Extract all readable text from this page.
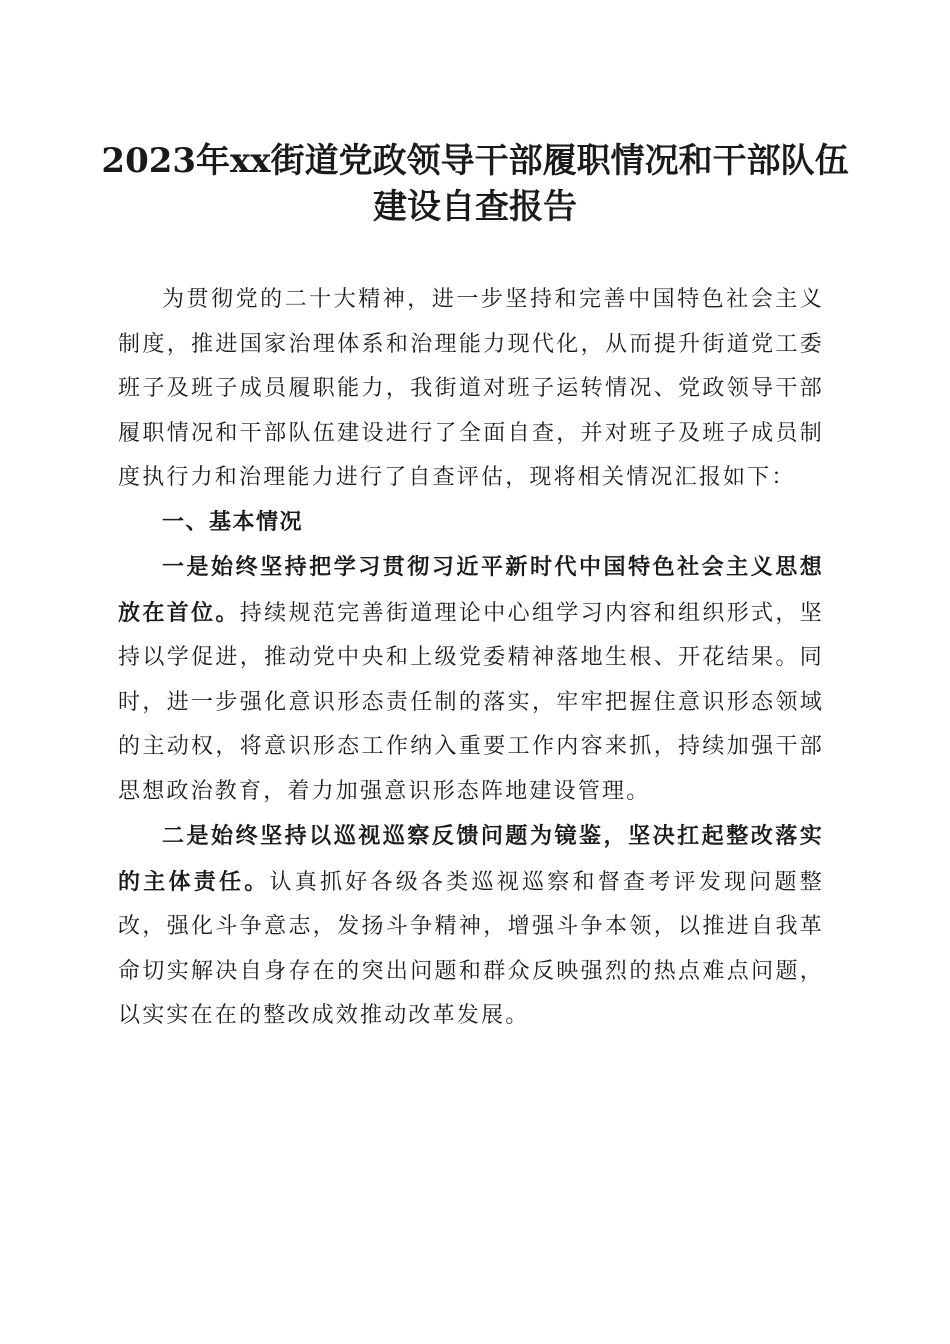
2023年xx街道党政领导干部履职情况和干部队伍建设自查报告

为贯彻党的二十大精神，进一步坚持和完善中国特色社会主义制度，推进国家治理体系和治理能力现代化，从而提升街道党工委班子及班子成员履职能力，我街道对班子运转情况、党政领导干部履职情况和干部队伍建设进行了全面自查，并对班子及班子成员制度执行力和治理能力进行了自查评估，现将相关情况汇报如下：

一、基本情况

一是始终坚持把学习贯彻习近平新时代中国特色社会主义思想放在首位。持续规范完善街道理论中心组学习内容和组织形式，坚持以学促进，推动党中央和上级党委精神落地生根、开花结果。同时，进一步强化意识形态责任制的落实，牢牢把握住意识形态领域的主动权，将意识形态工作纳入重要工作内容来抓，持续加强干部思想政治教育，着力加强意识形态阵地建设管理。

二是始终坚持以巡视巡察反馈问题为镜鉴，坚决扛起整改落实的主体责任。认真抓好各级各类巡视巡察和督查考评发现问题整改，强化斗争意志，发扬斗争精神，增强斗争本领，以推进自我革命切实解决自身存在的突出问题和群众反映强烈的热点难点问题，以实实在在的整改成效推动改革发展。
